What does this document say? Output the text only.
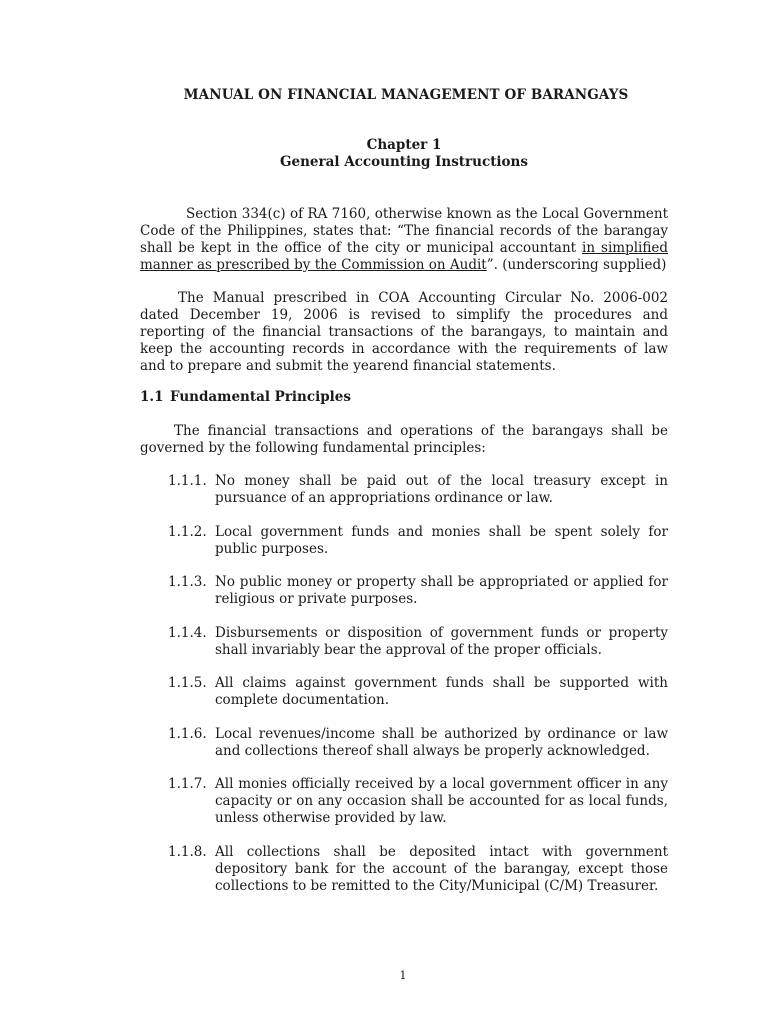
MANUAL ON FINANCIAL MANAGEMENT OF BARANGAYS
Chapter 1
General Accounting Instructions
Section 334(c) of RA 7160, otherwise known as the Local Government Code of the Philippines, states that: “The financial records of the barangay shall be kept in the office of the city or municipal accountant in simplified manner as prescribed by the Commission on Audit”. (underscoring supplied)
The Manual prescribed in COA Accounting Circular No. 2006-002 dated December 19, 2006 is revised to simplify the procedures and reporting of the financial transactions of the barangays, to maintain and keep the accounting records in accordance with the requirements of law and to prepare and submit the yearend financial statements.
1.1 Fundamental Principles
The financial transactions and operations of the barangays shall be governed by the following fundamental principles:
1.1.1. No money shall be paid out of the local treasury except in pursuance of an appropriations ordinance or law.
1.1.2. Local government funds and monies shall be spent solely for public purposes.
1.1.3. No public money or property shall be appropriated or applied for religious or private purposes.
1.1.4. Disbursements or disposition of government funds or property shall invariably bear the approval of the proper officials.
1.1.5. All claims against government funds shall be supported with complete documentation.
1.1.6. Local revenues/income shall be authorized by ordinance or law and collections thereof shall always be properly acknowledged.
1.1.7. All monies officially received by a local government officer in any capacity or on any occasion shall be accounted for as local funds, unless otherwise provided by law.
1.1.8. All collections shall be deposited intact with government depository bank for the account of the barangay, except those collections to be remitted to the City/Municipal (C/M) Treasurer.
1
